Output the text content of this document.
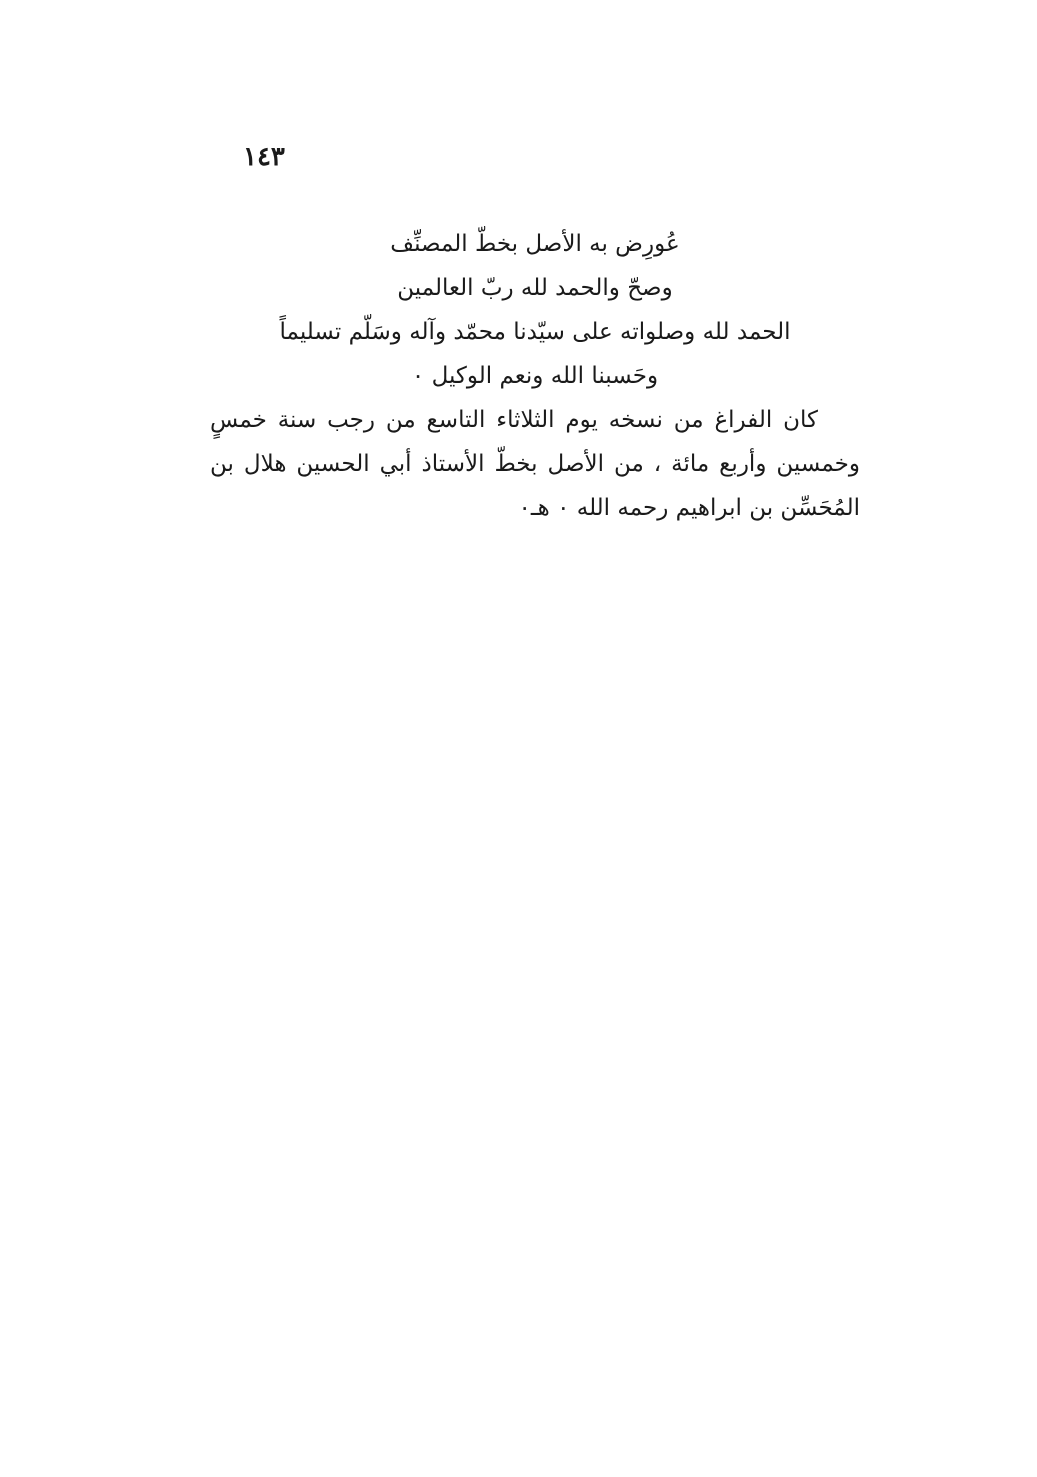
١٤٣
عُورِض به الأصل بخطّ المصنِّف
وصحّ والحمد لله ربّ العالمين
الحمد لله وصلواته على سيّدنا محمّد وآله وسَلّم تسليماً
وحَسبنا الله ونعم الوكيل ٠
كان الفراغ من نسخه يوم الثلاثاء التاسع من رجب سنة خمسٍ
وخمسين وأربع مائة ، من الأصل بخطّ الأستاذ أبي الحسين هلال بن
المُحَسِّن بن ابراهيم رحمه الله ٠ هـ٠
